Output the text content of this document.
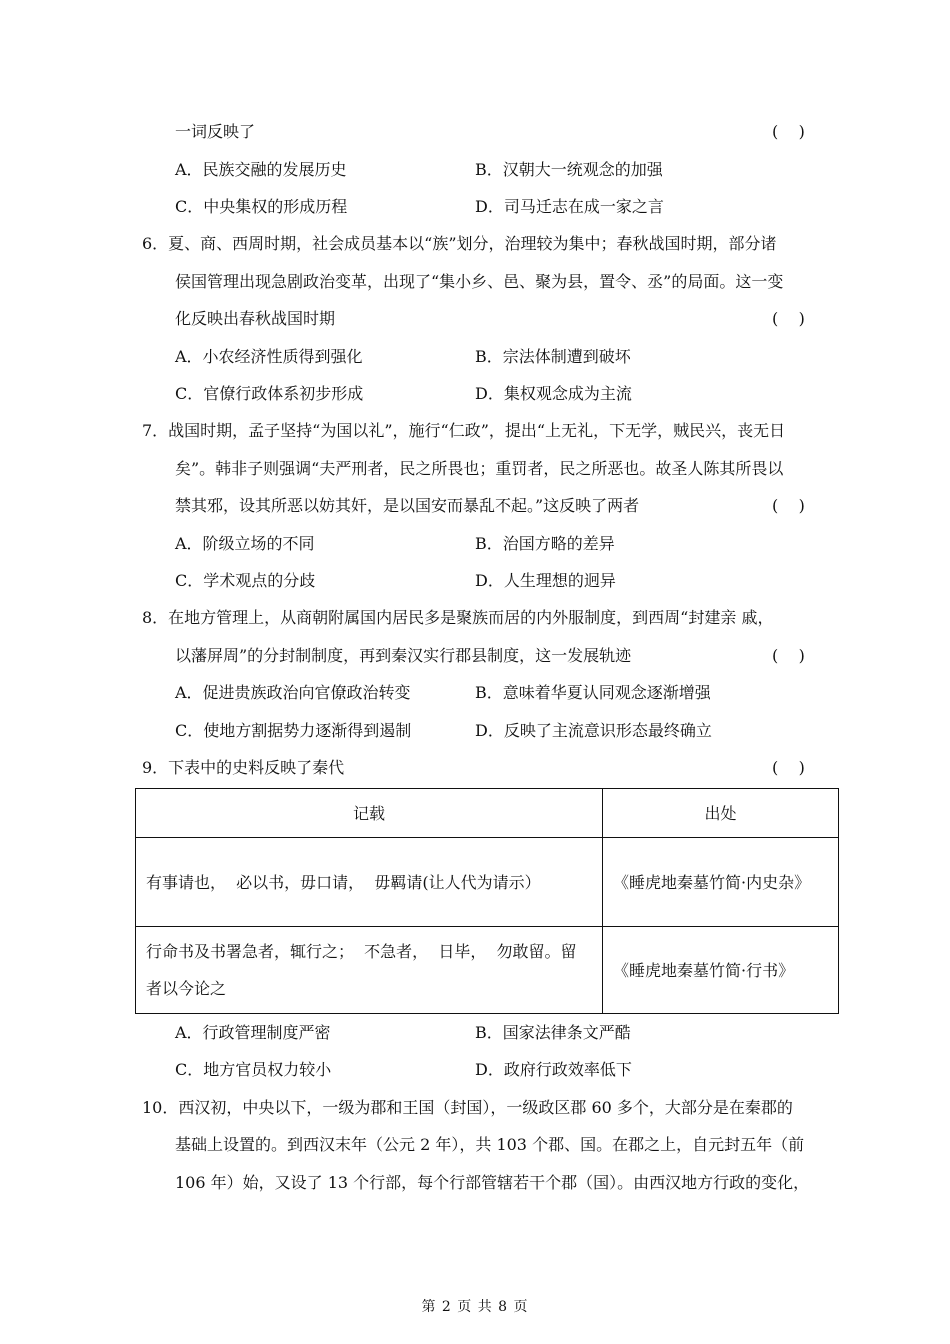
一词反映了	(    )
A．民族交融的发展历史	B．汉朝大一统观念的加强
C．中央集权的形成历程	D．司马迁志在成一家之言
6．夏、商、西周时期，社会成员基本以“族”划分，治理较为集中；春秋战国时期，部分诸
侯国管理出现急剧政治变革，出现了“集小乡、邑、聚为县，置令、丞”的局面。这一变
化反映出春秋战国时期	(    )
A．小农经济性质得到强化	B．宗法体制遭到破坏
C．官僚行政体系初步形成	D．集权观念成为主流
7．战国时期，孟子坚持“为国以礼”，施行“仁政”，提出“上无礼，下无学，贼民兴，丧无日
矣”。韩非子则强调“夫严刑者，民之所畏也；重罚者，民之所恶也。故圣人陈其所畏以
禁其邪，设其所恶以妨其奸，是以国安而暴乱不起。”这反映了两者	(    )
A．阶级立场的不同	B．治国方略的差异
C．学术观点的分歧	D．人生理想的迥异
8．在地方管理上，从商朝附属国内居民多是聚族而居的内外服制度，到西周“封建亲 戚，
以藩屏周”的分封制制度，再到秦汉实行郡县制度，这一发展轨迹	(    )
A．促进贵族政治向官僚政治转变	B．意味着华夏认同观念逐渐增强
C．使地方割据势力逐渐得到遏制	D．反映了主流意识形态最终确立
9．下表中的史料反映了秦代	(    )
记载	出处
有事请也，  必以书，毋口请，  毋羁请(让人代为请示）	《睡虎地秦墓竹简·内史杂》
行命书及书署急者，辄行之；  不急者，  日毕，  勿敢留。留者以今论之	《睡虎地秦墓竹简·行书》
A．行政管理制度严密	B．国家法律条文严酷
C．地方官员权力较小	D．政府行政效率低下
10．西汉初，中央以下，一级为郡和王国（封国），一级政区郡 60 多个，大部分是在秦郡的
基础上设置的。到西汉末年（公元 2 年），共 103 个郡、国。在郡之上，自元封五年（前
106 年）始，又设了 13 个行部，每个行部管辖若干个郡（国）。由西汉地方行政的变化，
第 2 页 共 8 页
